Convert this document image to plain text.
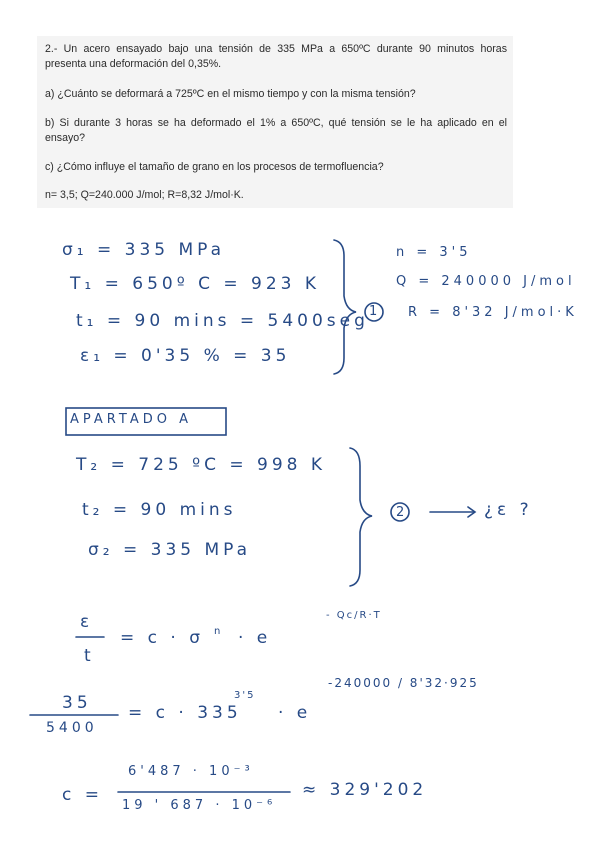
2.- Un acero ensayado bajo una tensión de 335 MPa a 650ºC durante 90 minutos horas
presenta una deformación del 0,35%.
a) ¿Cuánto se deformará a 725ºC en el mismo tiempo y con la misma tensión?
b) Si durante 3 horas se ha deformado el 1% a 650ºC, qué tensión se le ha aplicado en el
ensayo?
c) ¿Cómo influye el tamaño de grano en los procesos de termofluencia?
n= 3,5; Q=240.000 J/mol; R=8,32 J/mol·K.
σ₁ = 335 MPa
T₁ = 650º C = 923 K
t₁ = 90 mins = 5400seg
ε₁ = 0'35 % = 35
n = 3'5
Q = 240000 J/mol
R = 8'32 J/mol·K
1
APARTADO A
T₂ = 725 ºC = 998 K
t₂ = 90 mins
σ₂ = 335 MPa
2	¿ε ?
ε
t
= c · σ n · e
- Qc/R·T
35
5400
= c · 335
3'5
· e
-240000 / 8'32·925
c =
6'487 · 10⁻³
19 ' 687 · 10⁻⁶
≈ 329'202
